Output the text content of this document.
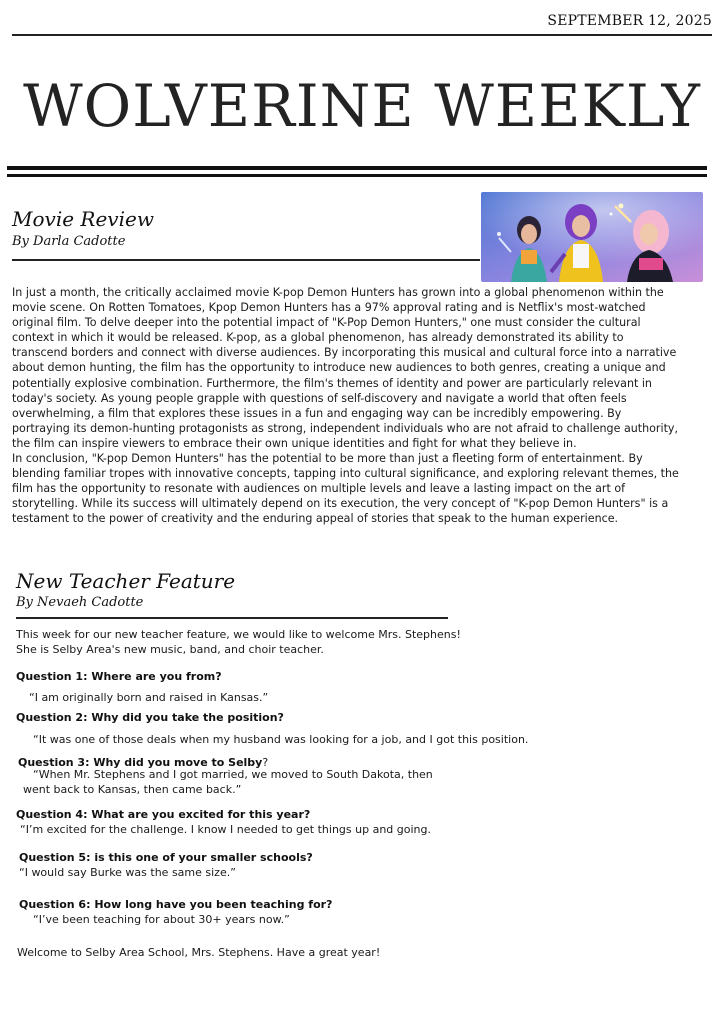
SEPTEMBER 12, 2025
WOLVERINE WEEKLY
Movie Review
By Darla Cadotte

In just a month, the critically acclaimed movie K-pop Demon Hunters has grown into a global phenomenon within the movie scene. On Rotten Tomatoes, Kpop Demon Hunters has a 97% approval rating and is Netflix's most-watched original film. To delve deeper into the potential impact of "K-Pop Demon Hunters," one must consider the cultural context in which it would be released. K-pop, as a global phenomenon, has already demonstrated its ability to transcend borders and connect with diverse audiences. By incorporating this musical and cultural force into a narrative about demon hunting, the film has the opportunity to introduce new audiences to both genres, creating a unique and potentially explosive combination. Furthermore, the film's themes of identity and power are particularly relevant in today's society. As young people grapple with questions of self-discovery and navigate a world that often feels overwhelming, a film that explores these issues in a fun and engaging way can be incredibly empowering. By portraying its demon-hunting protagonists as strong, independent individuals who are not afraid to challenge authority, the film can inspire viewers to embrace their own unique identities and fight for what they believe in.

In conclusion, "K-pop Demon Hunters" has the potential to be more than just a fleeting form of entertainment. By blending familiar tropes with innovative concepts, tapping into cultural significance, and exploring relevant themes, the film has the opportunity to resonate with audiences on multiple levels and leave a lasting impact on the art of storytelling. While its success will ultimately depend on its execution, the very concept of "K-pop Demon Hunters" is a testament to the power of creativity and the enduring appeal of stories that speak to the human experience.

New Teacher Feature
By Nevaeh Cadotte
This week for our new teacher feature, we would like to welcome Mrs. Stephens! She is Selby Area's new music, band, and choir teacher.
Question 1: Where are you from?
“I am originally born and raised in Kansas.”
Question 2: Why did you take the position?
“It was one of those deals when my husband was looking for a job, and I got this position.
Question 3: Why did you move to Selby?
“When Mr. Stephens and I got married, we moved to South Dakota, then
went back to Kansas, then came back.”
Question 4: What are you excited for this year?
“I’m excited for the challenge. I know I needed to get things up and going.
Question 5: is this one of your smaller schools?
“I would say Burke was the same size.”
Question 6: How long have you been teaching for?
“I’ve been teaching for about 30+ years now.”
Welcome to Selby Area School, Mrs. Stephens. Have a great year!
